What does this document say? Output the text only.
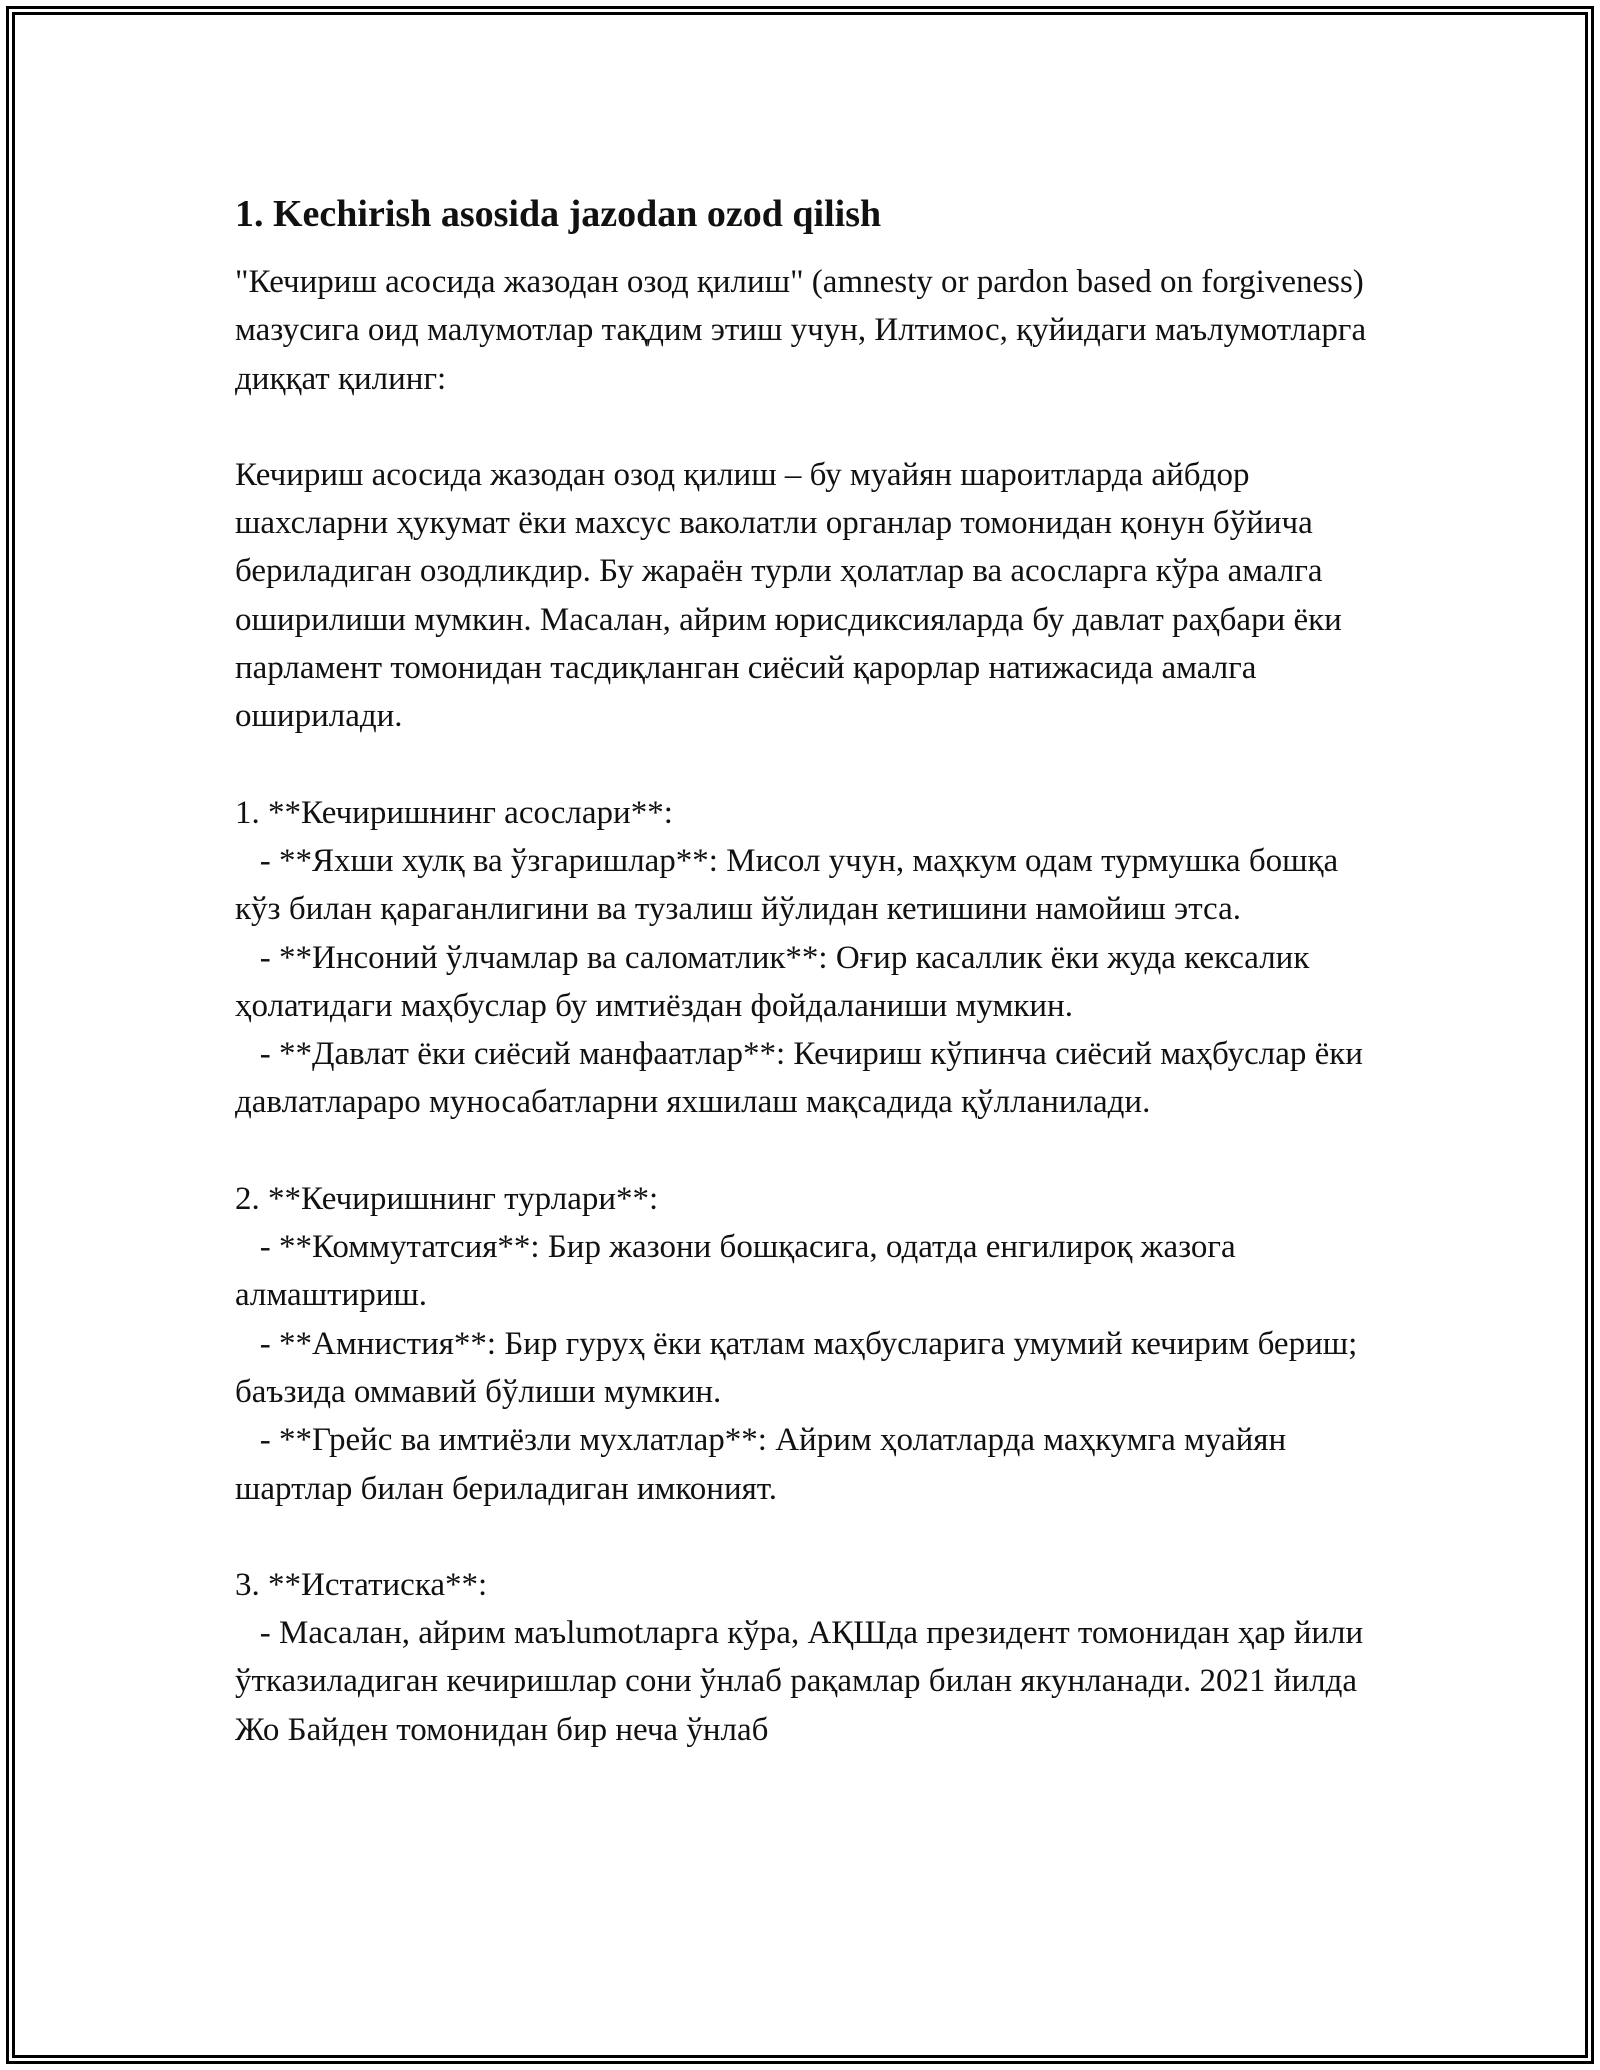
1. Kechirish asosida jazodan ozod qilish

"Кечириш асосида жазодан озод қилиш" (amnesty or pardon based on forgiveness) мазусига оид малумотлар тақдим этиш учун, Илтимос, қуйидаги маълумотларга диққат қилинг:

Кечириш асосида жазодан озод қилиш – бу муайян шароитларда айбдор шахсларни ҳукумат ёки махсус ваколатли органлар томонидан қонун бўйича бериладиган озодликдир. Бу жараён турли ҳолатлар ва асосларга кўра амалга оширилиши мумкин. Масалан, айрим юрисдиксияларда бу давлат раҳбари ёки парламент томонидан тасдиқланган сиёсий қарорлар натижасида амалга оширилади.

1. **Кечиришнинг асослари**:
- **Яхши хулқ ва ўзгаришлар**: Мисол учун, маҳкум одам турмушка бошқа кўз билан қараганлигини ва тузалиш йўлидан кетишини намойиш этса.
- **Инсоний ўлчамлар ва саломатлик**: Оғир касаллик ёки жуда кексалик ҳолатидаги маҳбуслар бу имтиёздан фойдаланиши мумкин.
- **Давлат ёки сиёсий манфаатлар**: Кечириш кўпинча сиёсий маҳбуслар ёки давлатлараро муносабатларни яхшилаш мақсадида қўлланилади.

2. **Кечиришнинг турлари**:
- **Коммутатсия**: Бир жазони бошқасига, одатда енгилироқ жазога алмаштириш.
- **Амнистия**: Бир гуруҳ ёки қатлам маҳбусларига умумий кечирим бериш; баъзида оммавий бўлиши мумкин.
- **Грейс ва имтиёзли мухлатлар**: Айрим ҳолатларда маҳкумга муайян шартлар билан бериладиган имконият.

3. **Истатиска**:
- Масалан, айрим маъlumotларга кўра, АҚШда президент томонидан ҳар йили ўтказиладиган кечиришлар сони ўнлаб рақамлар билан якунланади. 2021 йилда Жо Байден томонидан бир неча ўнлаб
